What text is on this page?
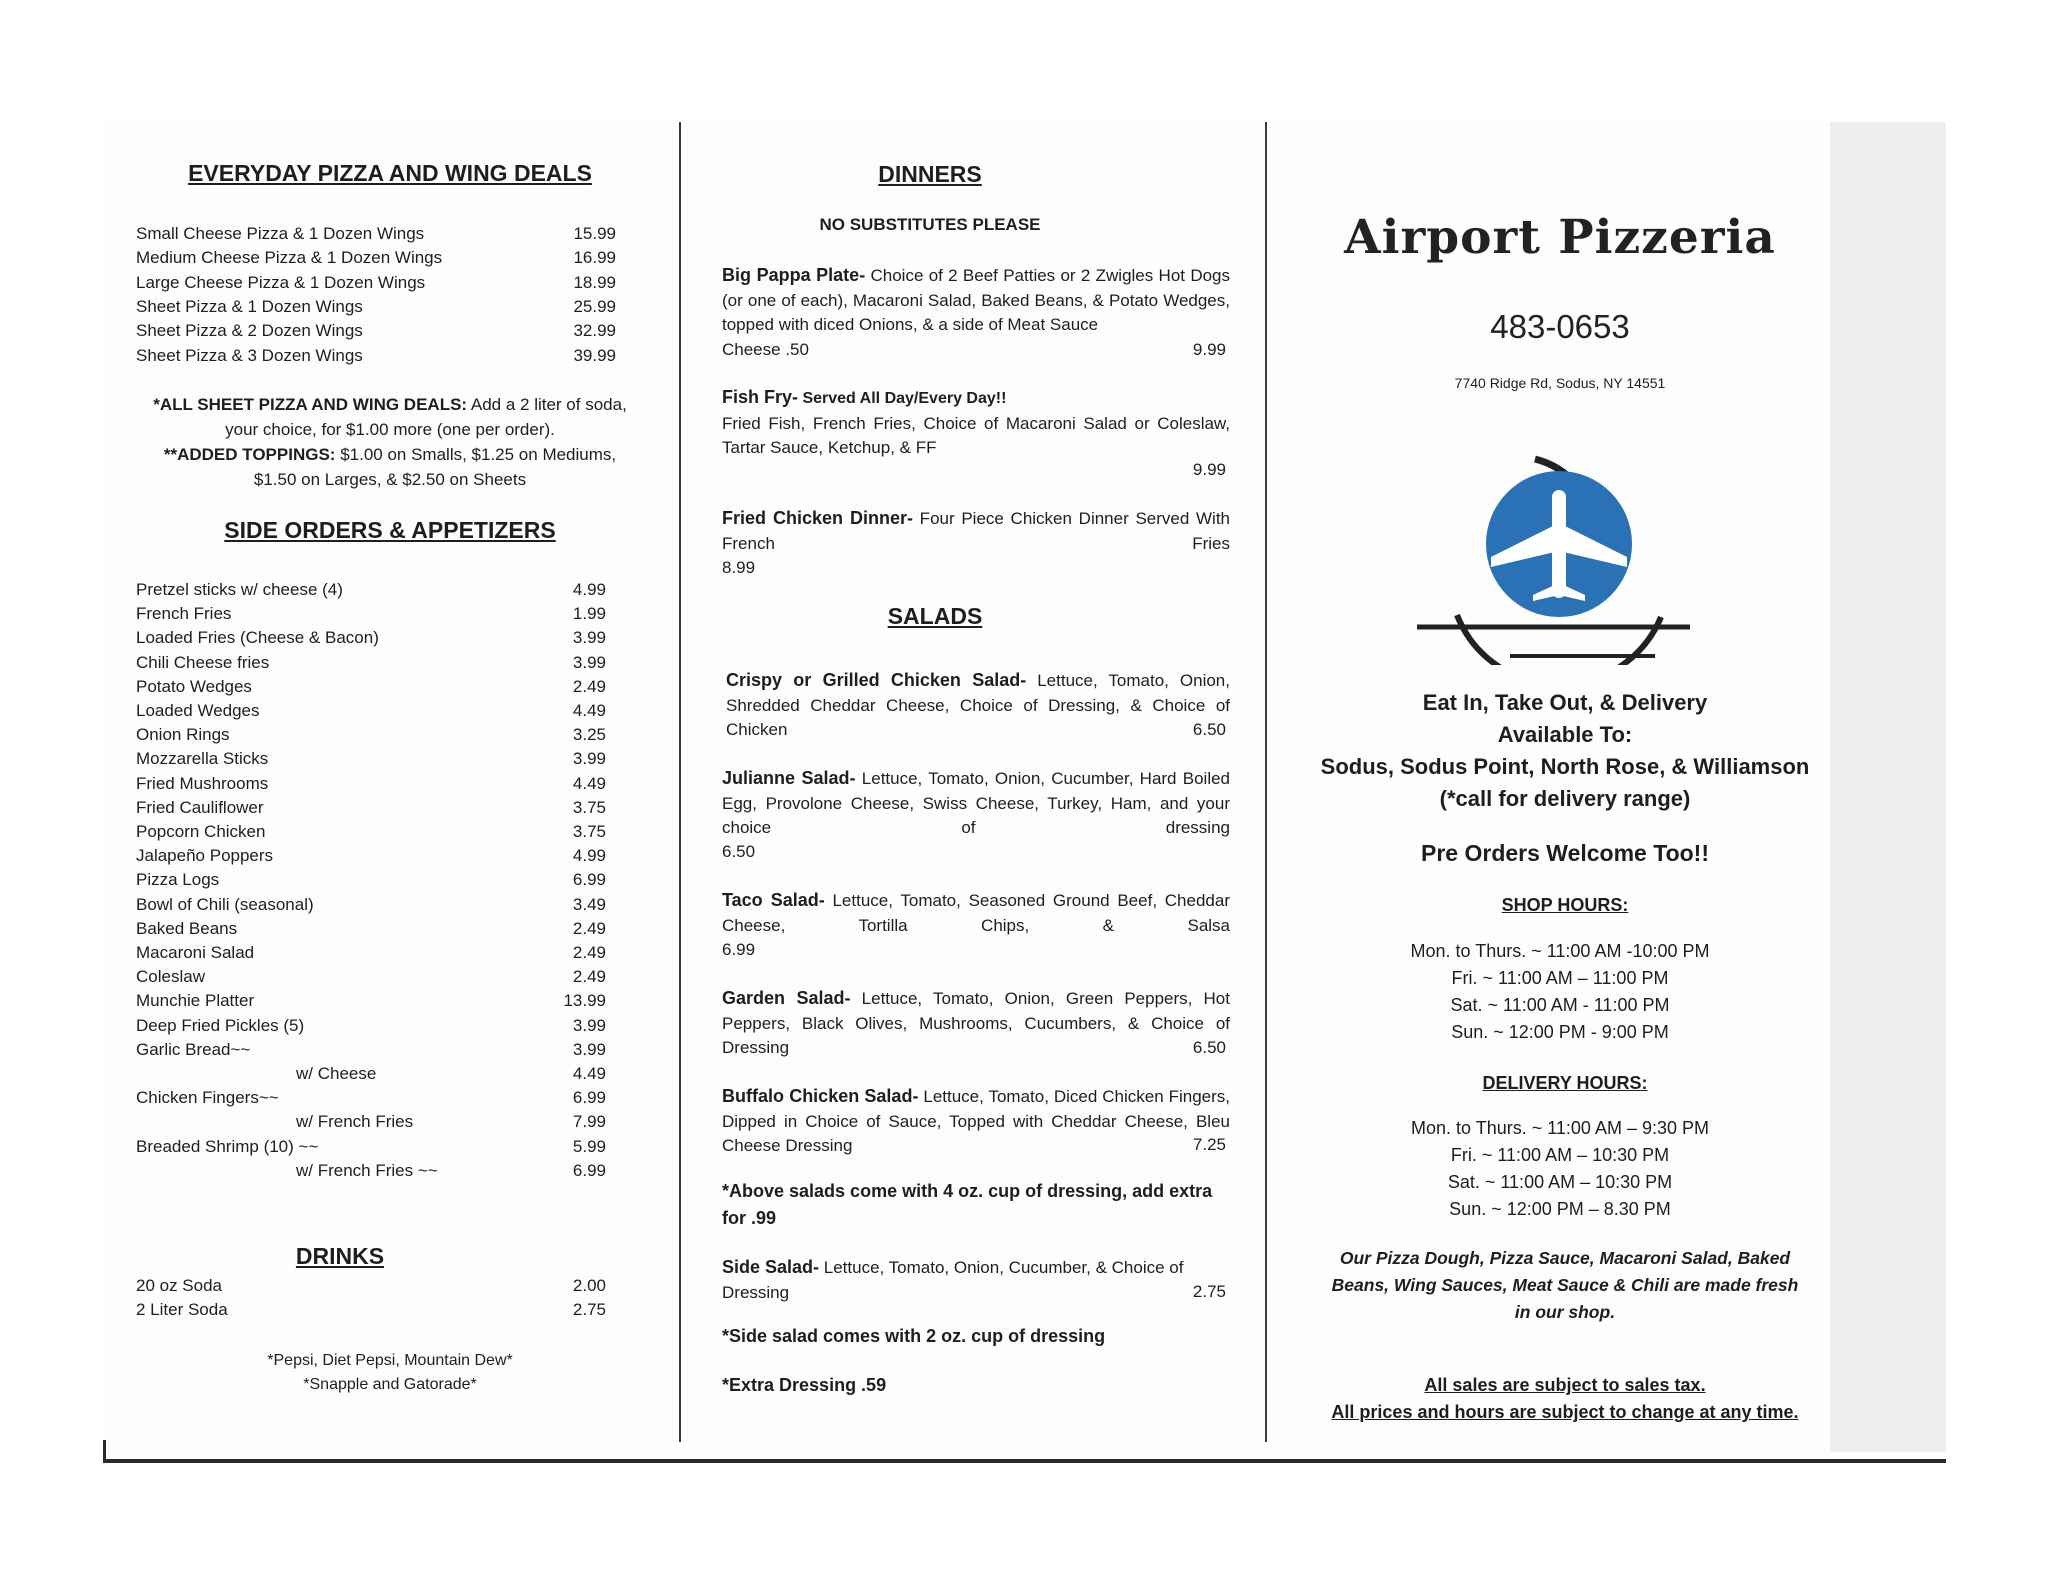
EVERYDAY PIZZA AND WING DEALS
Small Cheese Pizza & 1 Dozen Wings	15.99
Medium Cheese Pizza & 1 Dozen Wings	16.99
Large Cheese Pizza & 1 Dozen Wings	18.99
Sheet Pizza & 1 Dozen Wings	25.99
Sheet Pizza & 2 Dozen Wings	32.99
Sheet Pizza & 3 Dozen Wings	39.99
*ALL SHEET PIZZA AND WING DEALS: Add a 2 liter of soda,
your choice, for $1.00 more (one per order).
**ADDED TOPPINGS: $1.00 on Smalls, $1.25 on Mediums,
$1.50 on Larges, & $2.50 on Sheets
SIDE ORDERS & APPETIZERS
Pretzel sticks w/ cheese (4)	4.99
French Fries	1.99
Loaded Fries (Cheese & Bacon)	3.99
Chili Cheese fries	3.99
Potato Wedges	2.49
Loaded Wedges	4.49
Onion Rings	3.25
Mozzarella Sticks	3.99
Fried Mushrooms	4.49
Fried Cauliflower	3.75
Popcorn Chicken	3.75
Jalapeño Poppers	4.99
Pizza Logs	6.99
Bowl of Chili (seasonal)	3.49
Baked Beans	2.49
Macaroni Salad	2.49
Coleslaw	2.49
Munchie Platter	13.99
Deep Fried Pickles (5)	3.99
Garlic Bread~~	3.99
w/ Cheese	4.49
Chicken Fingers~~	6.99
w/ French Fries	7.99
Breaded Shrimp (10) ~~	5.99
w/ French Fries ~~	6.99
DRINKS
20 oz Soda	2.00
2 Liter Soda	2.75
*Pepsi, Diet Pepsi, Mountain Dew*
*Snapple and Gatorade*
DINNERS
NO SUBSTITUTES PLEASE
Big Pappa Plate- Choice of 2 Beef Patties or 2 Zwigles Hot Dogs (or one of each), Macaroni Salad, Baked Beans, & Potato Wedges, topped with diced Onions, & a side of Meat Sauce
Cheese .50	9.99
Fish Fry- Served All Day/Every Day!!
Fried Fish, French Fries, Choice of Macaroni Salad or Coleslaw, Tartar Sauce, Ketchup, & FF
9.99
Fried Chicken Dinner- Four Piece Chicken Dinner Served With French Fries
8.99
SALADS
Crispy or Grilled Chicken Salad- Lettuce, Tomato, Onion, Shredded Cheddar Cheese, Choice of Dressing, & Choice of Chicken	6.50
Julianne Salad- Lettuce, Tomato, Onion, Cucumber, Hard Boiled Egg, Provolone Cheese, Swiss Cheese, Turkey, Ham, and your choice of dressing
6.50
Taco Salad- Lettuce, Tomato, Seasoned Ground Beef, Cheddar Cheese, Tortilla Chips, & Salsa
6.99
Garden Salad- Lettuce, Tomato, Onion, Green Peppers, Hot Peppers, Black Olives, Mushrooms, Cucumbers, & Choice of Dressing	6.50
Buffalo Chicken Salad- Lettuce, Tomato, Diced Chicken Fingers, Dipped in Choice of Sauce, Topped with Cheddar Cheese, Bleu Cheese Dressing	7.25
*Above salads come with 4 oz. cup of dressing, add extra for .99
Side Salad- Lettuce, Tomato, Onion, Cucumber, & Choice of Dressing	2.75
*Side salad comes with 2 oz. cup of dressing
*Extra Dressing .59
Airport Pizzeria
483-0653
7740 Ridge Rd, Sodus, NY 14551
Eat In, Take Out, & Delivery
Available To:
Sodus, Sodus Point, North Rose, & Williamson
(*call for delivery range)
Pre Orders Welcome Too!!
SHOP HOURS:
Mon. to Thurs. ~ 11:00 AM -10:00 PM
Fri. ~ 11:00 AM – 11:00 PM
Sat. ~ 11:00 AM - 11:00 PM
Sun. ~ 12:00 PM - 9:00 PM
DELIVERY HOURS:
Mon. to Thurs. ~ 11:00 AM – 9:30 PM
Fri. ~ 11:00 AM – 10:30 PM
Sat. ~ 11:00 AM – 10:30 PM
Sun. ~ 12:00 PM – 8.30 PM
Our Pizza Dough, Pizza Sauce, Macaroni Salad, Baked
Beans, Wing Sauces, Meat Sauce & Chili are made fresh
in our shop.
All sales are subject to sales tax.
All prices and hours are subject to change at any time.
